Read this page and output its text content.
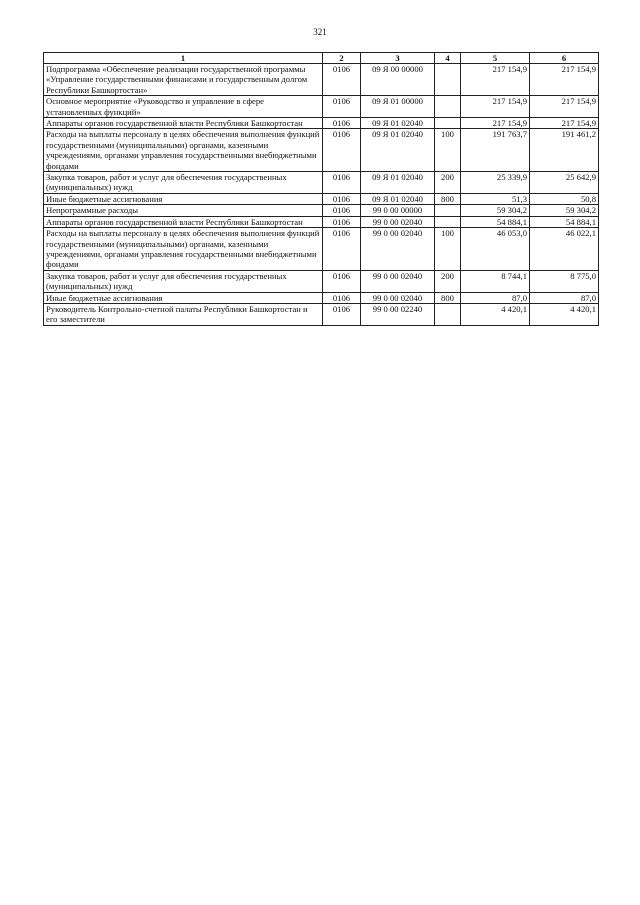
321
1	2	3	4	5	6
Подпрограмма «Обеспечение реализации государственной программы «Управление государственными финансами и государственным долгом Республики Башкортостан»	0106	09 Я 00 00000		217 154,9	217 154,9
Основное мероприятие «Руководство и управление в сфере установленных функций»	0106	09 Я 01 00000		217 154,9	217 154,9
Аппараты органов государственной власти Республики Башкортостан	0106	09 Я 01 02040		217 154,9	217 154,9
Расходы на выплаты персоналу в целях обеспечения выполнения функций государственными (муниципальными) органами, казенными учреждениями, органами управления государственными внебюджетными фондами	0106	09 Я 01 02040	100	191 763,7	191 461,2
Закупка товаров, работ и услуг для обеспечения государственных (муниципальных) нужд	0106	09 Я 01 02040	200	25 339,9	25 642,9
Иные бюджетные ассигнования	0106	09 Я 01 02040	800	51,3	50,8
Непрограммные расходы	0106	99 0 00 00000		59 304,2	59 304,2
Аппараты органов государственной власти Республики Башкортостан	0106	99 0 00 02040		54 884,1	54 884,1
Расходы на выплаты персоналу в целях обеспечения выполнения функций государственными (муниципальными) органами, казенными учреждениями, органами управления государственными внебюджетными фондами	0106	99 0 00 02040	100	46 053,0	46 022,1
Закупка товаров, работ и услуг для обеспечения государственных (муниципальных) нужд	0106	99 0 00 02040	200	8 744,1	8 775,0
Иные бюджетные ассигнования	0106	99 0 00 02040	800	87,0	87,0
Руководитель Контрольно-счетной палаты Республики Башкортостан и его заместители	0106	99 0 00 02240		4 420,1	4 420,1
